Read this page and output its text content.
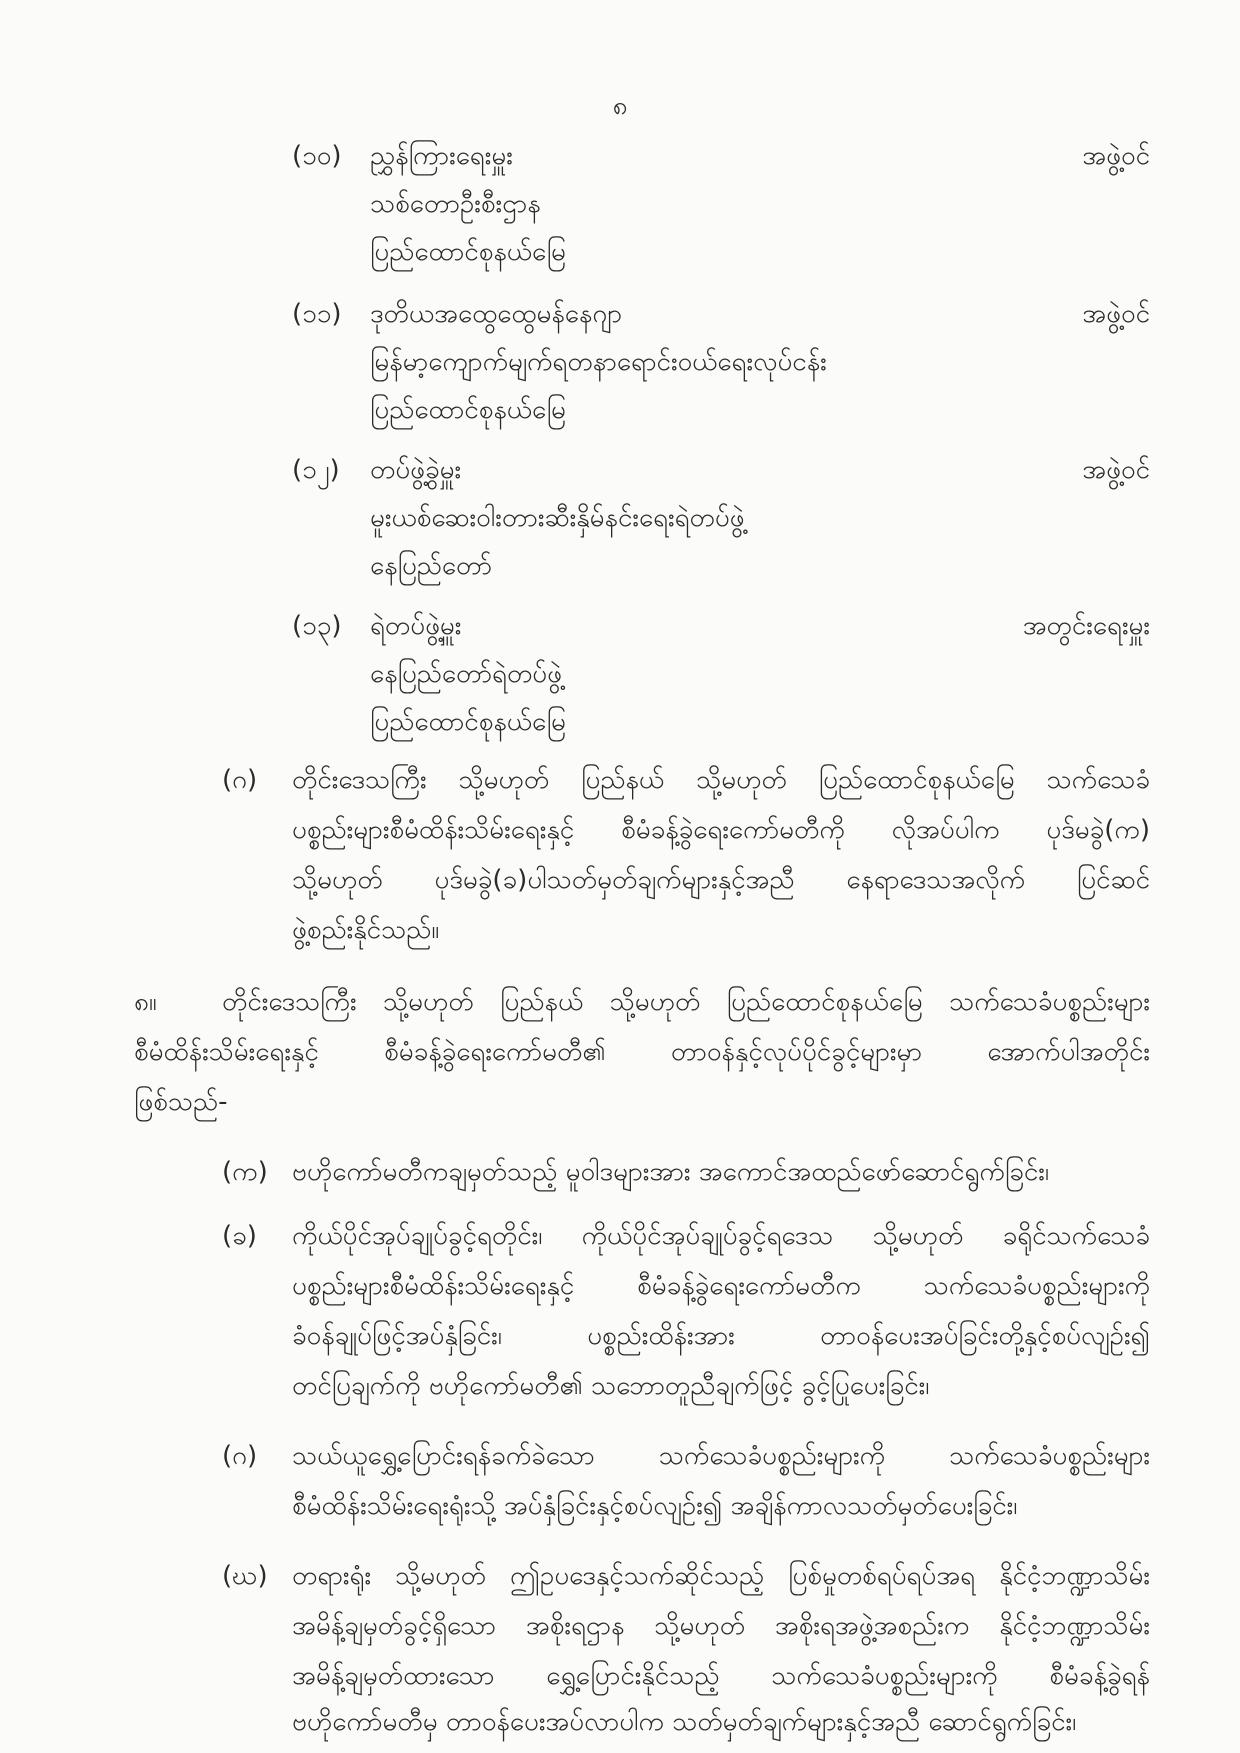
၈
(၁၀) ညွှန်ကြားရေးမှူး	အဖွဲ့ဝင်
သစ်တောဦးစီးဌာန
ပြည်ထောင်စုနယ်မြေ
(၁၁) ဒုတိယအထွေထွေမန်နေဂျာ	အဖွဲ့ဝင်
မြန်မာ့ကျောက်မျက်ရတနာရောင်းဝယ်ရေးလုပ်ငန်း
ပြည်ထောင်စုနယ်မြေ
(၁၂) တပ်ဖွဲ့ခွဲမှူး	အဖွဲ့ဝင်
မူးယစ်ဆေးဝါးတားဆီးနှိမ်နင်းရေးရဲတပ်ဖွဲ့
နေပြည်တော်
(၁၃) ရဲတပ်ဖွဲ့မှူး	အတွင်းရေးမှူး
နေပြည်တော်ရဲတပ်ဖွဲ့
ပြည်ထောင်စုနယ်မြေ
(ဂ) တိုင်းဒေသကြီး သို့မဟုတ် ပြည်နယ် သို့မဟုတ် ပြည်ထောင်စုနယ်မြေ သက်သေခံ
ပစ္စည်းများစီမံထိန်းသိမ်းရေးနှင့် စီမံခန့်ခွဲရေးကော်မတီကို လိုအပ်ပါက ပုဒ်မခွဲ(က)
သို့မဟုတ် ပုဒ်မခွဲ(ခ)ပါသတ်မှတ်ချက်များနှင့်အညီ နေရာဒေသအလိုက် ပြင်ဆင်
ဖွဲ့စည်းနိုင်သည်။
၈။	တိုင်းဒေသကြီး သို့မဟုတ် ပြည်နယ် သို့မဟုတ် ပြည်ထောင်စုနယ်မြေ သက်သေခံပစ္စည်းများ
စီမံထိန်းသိမ်းရေးနှင့် စီမံခန့်ခွဲရေးကော်မတီ၏ တာဝန်နှင့်လုပ်ပိုင်ခွင့်များမှာ အောက်ပါအတိုင်း
ဖြစ်သည်-
(က) ဗဟိုကော်မတီကချမှတ်သည့် မူဝါဒများအား အကောင်အထည်ဖော်ဆောင်ရွက်ခြင်း၊
(ခ) ကိုယ်ပိုင်အုပ်ချုပ်ခွင့်ရတိုင်း၊ ကိုယ်ပိုင်အုပ်ချုပ်ခွင့်ရဒေသ သို့မဟုတ် ခရိုင်သက်သေခံ
ပစ္စည်းများစီမံထိန်းသိမ်းရေးနှင့် စီမံခန့်ခွဲရေးကော်မတီက သက်သေခံပစ္စည်းများကို
ခံဝန်ချုပ်ဖြင့်အပ်နှံခြင်း၊ ပစ္စည်းထိန်းအား တာဝန်ပေးအပ်ခြင်းတို့နှင့်စပ်လျဉ်း၍
တင်ပြချက်ကို ဗဟိုကော်မတီ၏ သဘောတူညီချက်ဖြင့် ခွင့်ပြုပေးခြင်း၊
(ဂ) သယ်ယူရွှေ့ပြောင်းရန်ခက်ခဲသော သက်သေခံပစ္စည်းများကို သက်သေခံပစ္စည်းများ
စီမံထိန်းသိမ်းရေးရုံးသို့ အပ်နှံခြင်းနှင့်စပ်လျဉ်း၍ အချိန်ကာလသတ်မှတ်ပေးခြင်း၊
(ဃ) တရားရုံး သို့မဟုတ် ဤဥပဒေနှင့်သက်ဆိုင်သည့် ပြစ်မှုတစ်ရပ်ရပ်အရ နိုင်ငံ့ဘဏ္ဍာသိမ်း
အမိန့်ချမှတ်ခွင့်ရှိသော အစိုးရဌာန သို့မဟုတ် အစိုးရအဖွဲ့အစည်းက နိုင်ငံ့ဘဏ္ဍာသိမ်း
အမိန့်ချမှတ်ထားသော ရွှေ့ပြောင်းနိုင်သည့် သက်သေခံပစ္စည်းများကို စီမံခန့်ခွဲရန်
ဗဟိုကော်မတီမှ တာဝန်ပေးအပ်လာပါက သတ်မှတ်ချက်များနှင့်အညီ ဆောင်ရွက်ခြင်း၊
